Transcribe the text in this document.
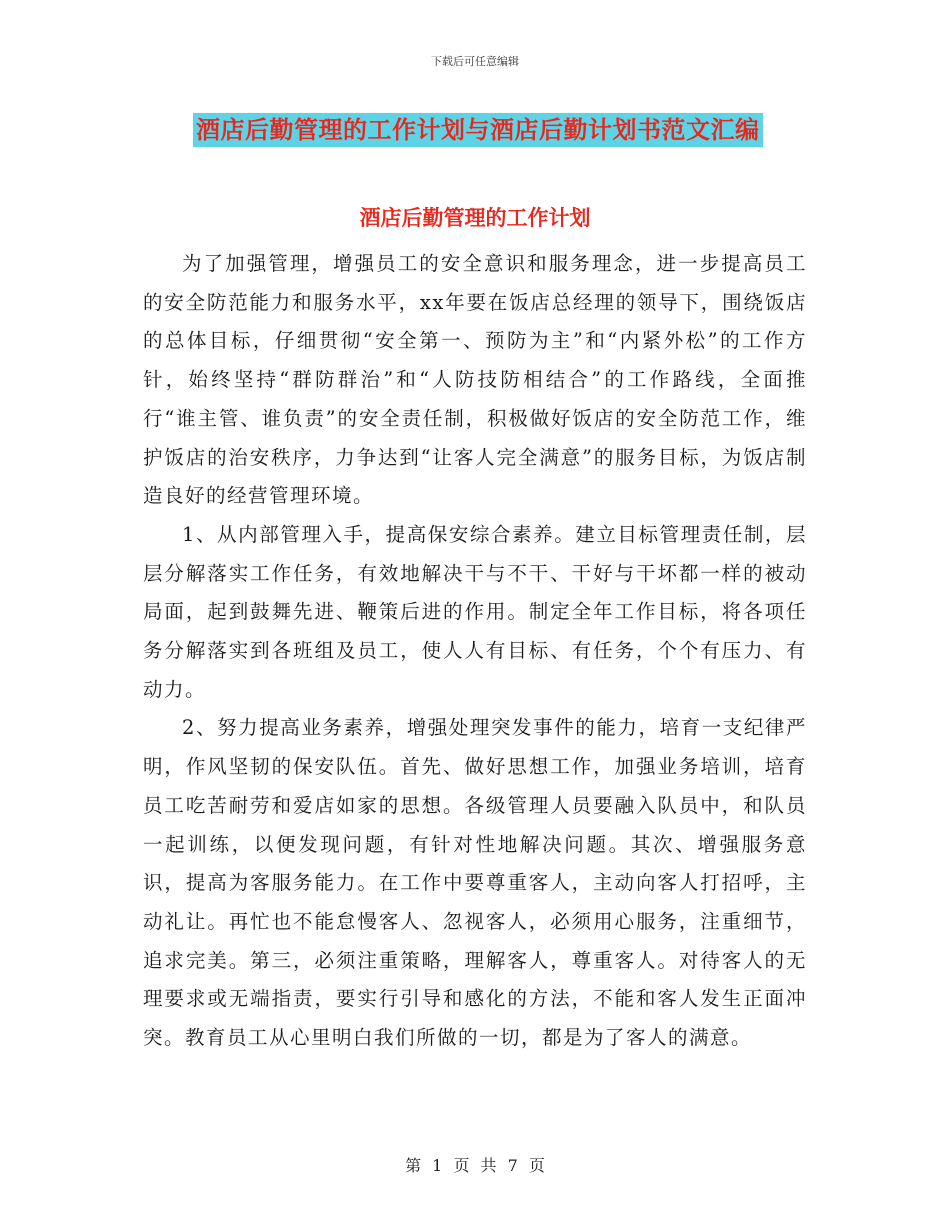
下载后可任意编辑
酒店后勤管理的工作计划与酒店后勤计划书范文汇编
酒店后勤管理的工作计划

为了加强管理，增强员工的安全意识和服务理念，进一步提高员工的安全防范能力和服务水平，xx年要在饭店总经理的领导下，围绕饭店的总体目标，仔细贯彻“安全第一、预防为主”和“内紧外松”的工作方针，始终坚持“群防群治”和“人防技防相结合”的工作路线，全面推行“谁主管、谁负责”的安全责任制，积极做好饭店的安全防范工作，维护饭店的治安秩序，力争达到“让客人完全满意”的服务目标，为饭店制造良好的经营管理环境。

1、从内部管理入手，提高保安综合素养。建立目标管理责任制，层层分解落实工作任务，有效地解决干与不干、干好与干坏都一样的被动局面，起到鼓舞先进、鞭策后进的作用。制定全年工作目标，将各项任务分解落实到各班组及员工，使人人有目标、有任务，个个有压力、有动力。

2、努力提高业务素养，增强处理突发事件的能力，培育一支纪律严明，作风坚韧的保安队伍。首先、做好思想工作，加强业务培训，培育员工吃苦耐劳和爱店如家的思想。各级管理人员要融入队员中，和队员一起训练，以便发现问题，有针对性地解决问题。其次、增强服务意识，提高为客服务能力。在工作中要尊重客人，主动向客人打招呼，主动礼让。再忙也不能怠慢客人、忽视客人，必须用心服务，注重细节，追求完美。第三，必须注重策略，理解客人，尊重客人。对待客人的无理要求或无端指责，要实行引导和感化的方法，不能和客人发生正面冲突。教育员工从心里明白我们所做的一切，都是为了客人的满意。

第 1 页 共 7 页
